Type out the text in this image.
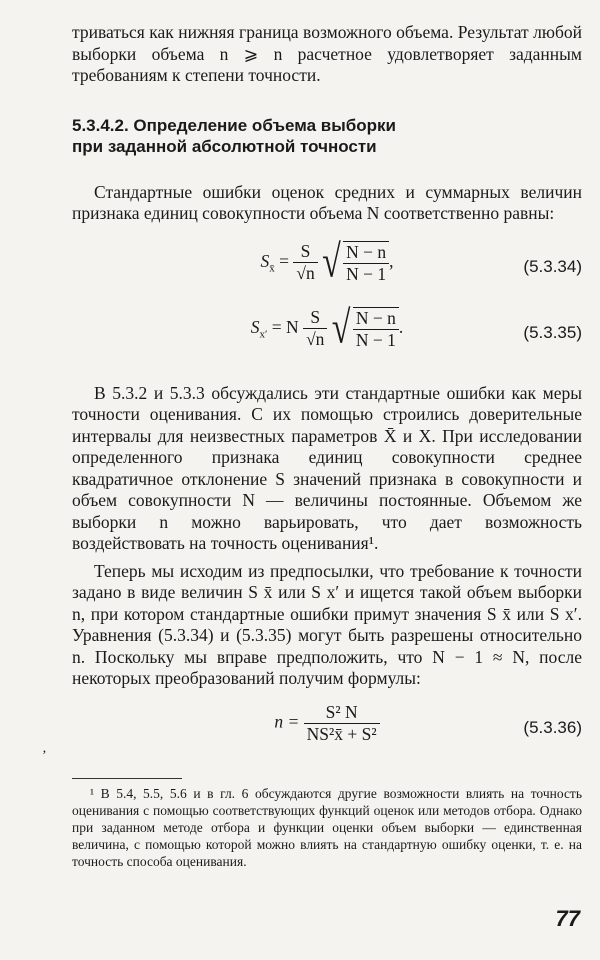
триваться как нижняя граница возможного объема. Результат любой выборки объема n ⩾ n расчетное удовлетворяет заданным требованиям к степени точности.

5.3.4.2. Определение объема выборки
при заданной абсолютной точности

Стандартные ошибки оценок средних и суммарных величин признака единиц совокупности объема N соответственно равны:

$S_{x̄} = \frac{S}{√n}$ √ $\frac{N - n}{N - 1}$ ,	(5.3.34)
$S_{x'} = N \frac{S}{√n}$ √ $\frac{N - n}{N - 1}$ .	(5.3.35)

В 5.3.2 и 5.3.3 обсуждались эти стандартные ошибки как меры точности оценивания. С их помощью строились доверительные интервалы для неизвестных параметров X̄ и X. При исследовании определенного признака единиц совокупности среднее квадратичное отклонение S значений признака в совокупности и объем совокупности N — величины постоянные. Объемом же выборки n можно варьировать, что дает возможность воздействовать на точность оценивания¹.

Теперь мы исходим из предпосылки, что требование к точности задано в виде величин S x̄ или S x′ и ищется такой объем выборки n, при котором стандартные ошибки примут значения S x̄ или S x′. Уравнения (5.3.34) и (5.3.35) могут быть разрешены относительно n. Поскольку мы вправе предположить, что N − 1 ≈ N, после некоторых преобразований получим формулы:

$n = \frac{\text{S² N}}{\text{NS²x̄ + S²}}$	(5.3.36)

¹ В 5.4, 5.5, 5.6 и в гл. 6 обсуждаются другие возможности влиять на точность оценивания с помощью соответствующих функций оценок или методов отбора. Однако при заданном методе отбора и функции оценки объем выборки — единственная величина, с помощью которой можно влиять на стандартную ошибку оценки, т. е. на точность способа оценивания.

‚
77
